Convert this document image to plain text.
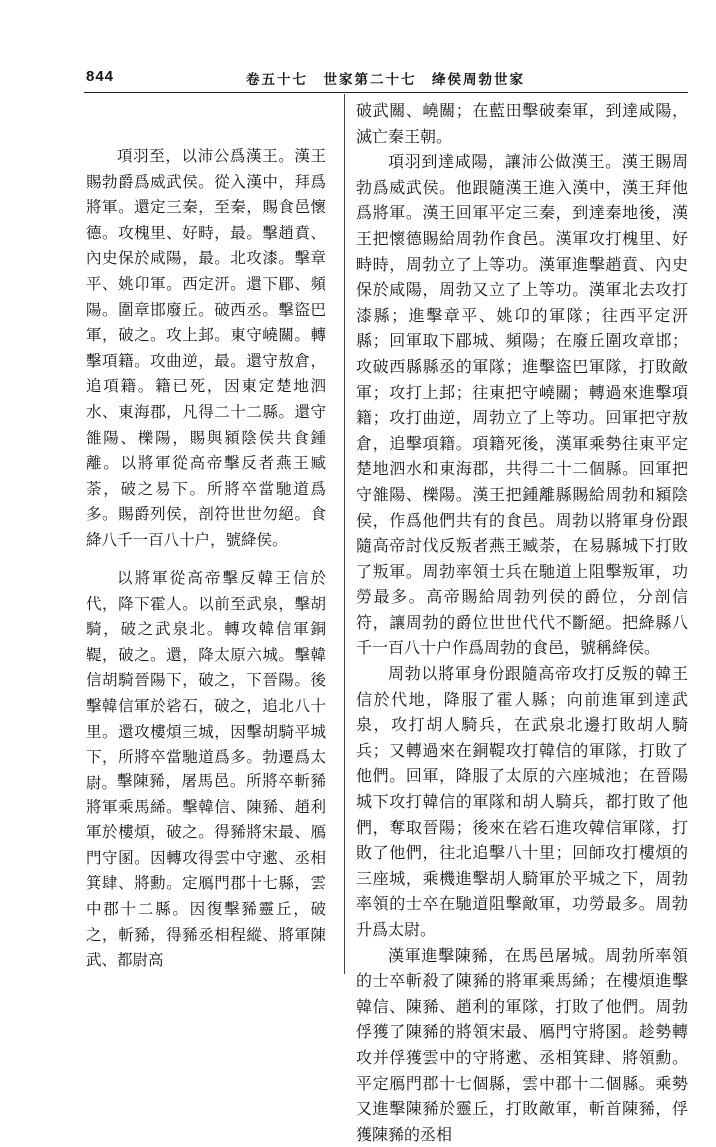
844	卷五十七　世家第二十七　绛侯周勃世家

項羽至，以沛公爲漢王。漢王賜勃爵爲威武侯。從入漢中，拜爲將軍。還定三秦，至秦，賜食邑懷德。攻槐里、好畤，最。擊趙賁、內史保於咸陽，最。北攻漆。擊章平、姚卬軍。西定汧。還下郿、頻陽。圍章邯廢丘。破西丞。擊盜巴軍，破之。攻上邽。東守嶢關。轉擊項籍。攻曲逆，最。還守敖倉，追項籍。籍已死，因東定楚地泗水、東海郡，凡得二十二縣。還守雒陽、櫟陽，賜與潁陰侯共食鍾離。以將軍從高帝擊反者燕王臧荼，破之易下。所將卒當馳道爲多。賜爵列侯，剖符世世勿絕。食絳八千一百八十户，號絳侯。

以將軍從高帝擊反韓王信於代，降下霍人。以前至武泉，擊胡騎，破之武泉北。轉攻韓信軍銅鞮，破之。還，降太原六城。擊韓信胡騎晉陽下，破之，下晉陽。後擊韓信軍於硰石，破之，追北八十里。還攻樓煩三城，因擊胡騎平城下，所將卒當馳道爲多。勃遷爲太尉。 擊陳豨，屠馬邑。所將卒斬豨將軍乘馬絺。擊韓信、陳豨、趙利軍於樓煩，破之。得豨將宋最、鴈門守圂。因轉攻得雲中守遬、丞相箕肆、將勳。定鴈門郡十七縣，雲中郡十二縣。因復擊豨靈丘，破之，斬豨，得豨丞相程縱、將軍陳武、都尉高

破武關、嶢關；在藍田擊破秦軍，到達咸陽，滅亡秦王朝。

項羽到達咸陽，讓沛公做漢王。漢王賜周勃爲威武侯。他跟隨漢王進入漢中，漢王拜他爲將軍。漢王回軍平定三秦，到達秦地後，漢王把懷德賜給周勃作食邑。漢軍攻打槐里、好畤時，周勃立了上等功。漢軍進擊趙賁、內史保於咸陽，周勃又立了上等功。漢軍北去攻打漆縣；進擊章平、姚卬的軍隊；往西平定汧縣；回軍取下郿城、頻陽；在廢丘圍攻章邯；攻破西縣縣丞的軍隊；進擊盜巴軍隊，打敗敵軍；攻打上邽；往東把守嶢關；轉過來進擊項籍；攻打曲逆，周勃立了上等功。回軍把守敖倉，追擊項籍。項籍死後，漢軍乘勢往東平定楚地泗水和東海郡，共得二十二個縣。回軍把守雒陽、櫟陽。漢王把鍾離縣賜給周勃和潁陰侯，作爲他們共有的食邑。周勃以將軍身份跟隨高帝討伐反叛者燕王臧荼，在易縣城下打敗了叛軍。周勃率領士兵在馳道上阻擊叛軍，功勞最多。高帝賜給周勃列侯的爵位，分剖信符，讓周勃的爵位世世代代不斷絕。把絳縣八千一百八十户作爲周勃的食邑，號稱絳侯。

周勃以將軍身份跟隨高帝攻打反叛的韓王信於代地，降服了霍人縣；向前進軍到達武泉，攻打胡人騎兵，在武泉北邊打敗胡人騎兵；又轉過來在銅鞮攻打韓信的軍隊，打敗了他們。回軍，降服了太原的六座城池；在晉陽城下攻打韓信的軍隊和胡人騎兵，都打敗了他們，奪取晉陽；後來在硰石進攻韓信軍隊，打敗了他們，往北追擊八十里；回師攻打樓煩的三座城，乘機進擊胡人騎軍於平城之下，周勃率領的士卒在馳道阻擊敵軍，功勞最多。周勃升爲太尉。

漢軍進擊陳豨，在馬邑屠城。周勃所率領的士卒斬殺了陳豨的將軍乘馬絺；在樓煩進擊韓信、陳豨、趙利的軍隊，打敗了他們。周勃俘獲了陳豨的將領宋最、鴈門守將圂。趁勢轉攻并俘獲雲中的守將遬、丞相箕肆、將領勳。平定鴈門郡十七個縣，雲中郡十二個縣。乘勢又進擊陳豨於靈丘，打敗敵軍，斬首陳豨，俘獲陳豨的丞相
